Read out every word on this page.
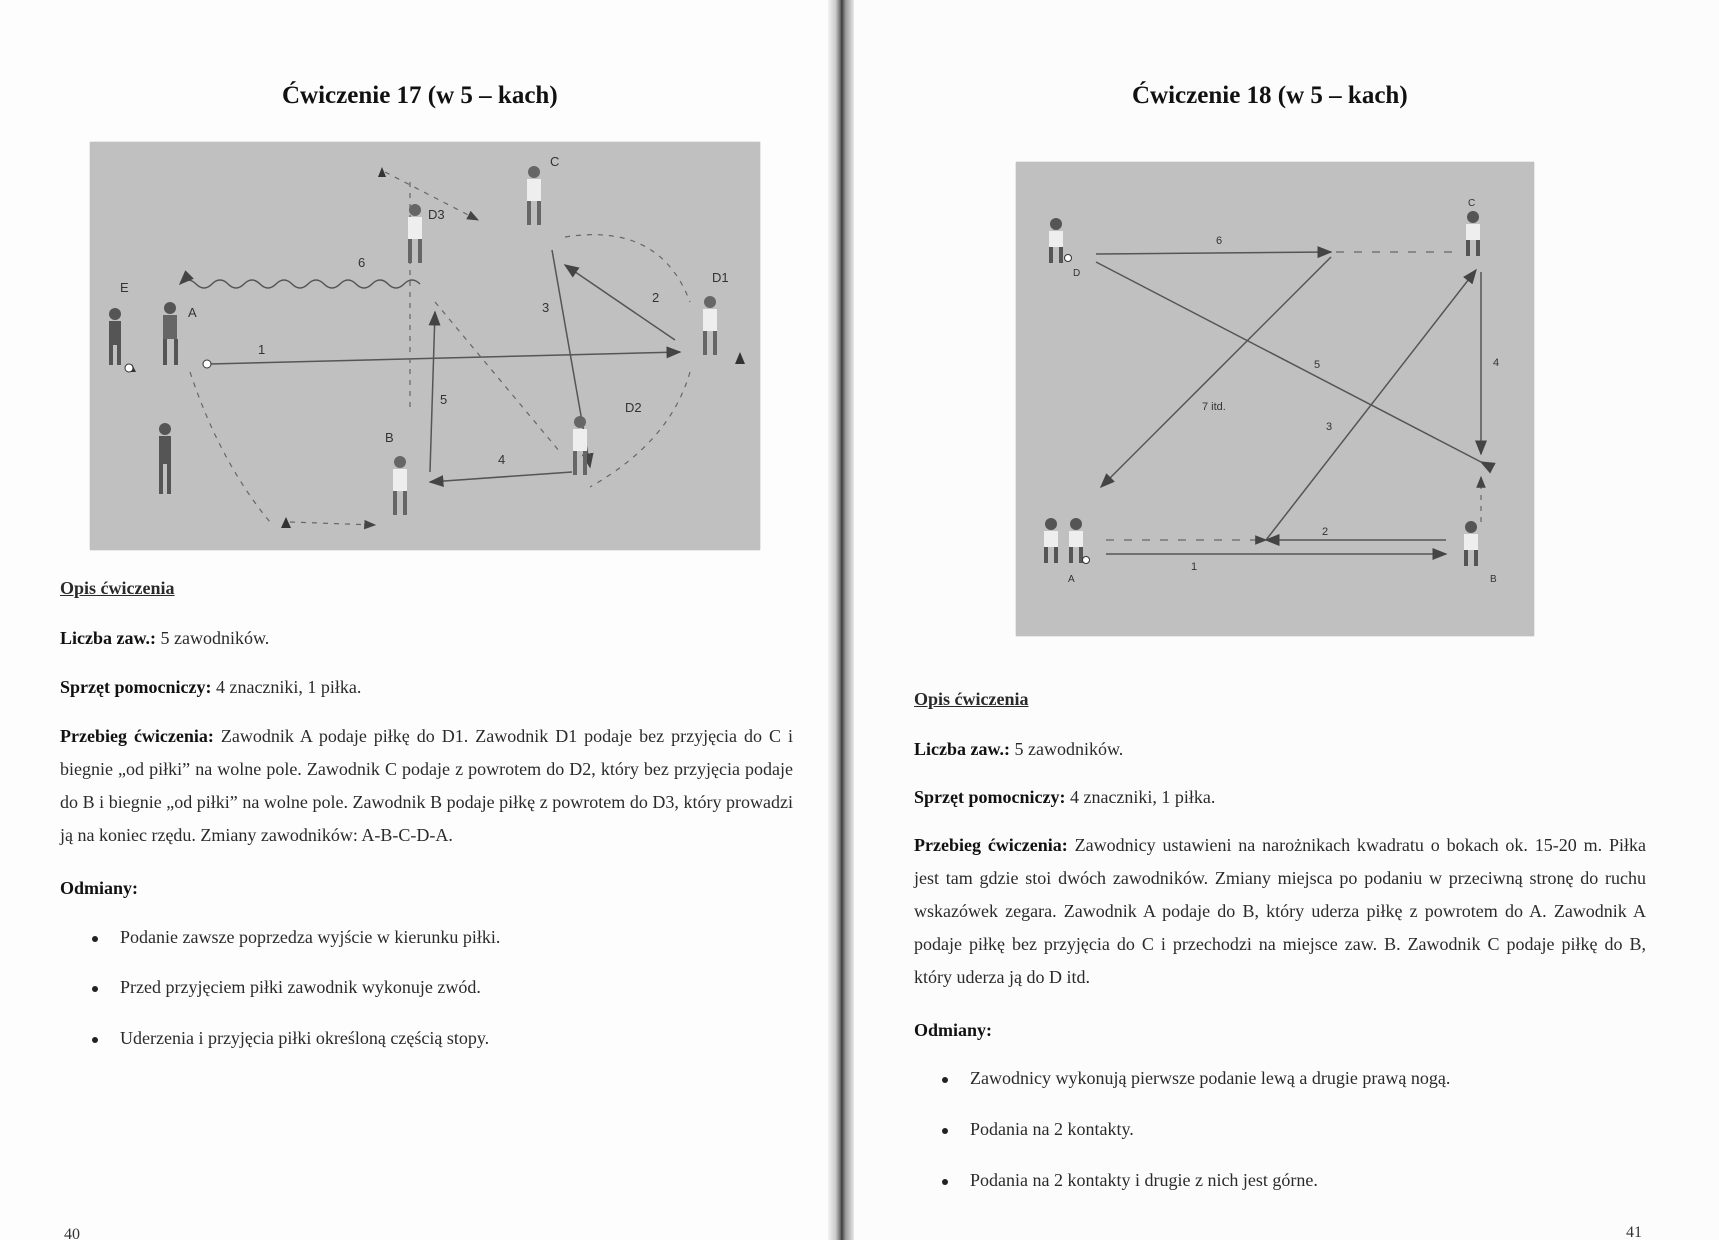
Ćwiczenie 17 (w 5 – kach)
E
A
C
D3
D1
D2
B
1
2
3
4
5
6
Opis ćwiczenia
Liczba zaw.: 5 zawodników.
Sprzęt pomocniczy: 4 znaczniki, 1 piłka.
Przebieg ćwiczenia: Zawodnik A podaje piłkę do D1. Zawodnik D1 podaje bez przyjęcia do C i biegnie „od piłki” na wolne pole. Zawodnik C podaje z powrotem do D2, który bez przyjęcia podaje do B i biegnie „od piłki” na wolne pole. Zawodnik B podaje piłkę z powrotem do D3, który prowadzi ją na koniec rzędu. Zmiany zawodników: A-B-C-D-A.
Odmiany:
Podanie zawsze poprzedza wyjście w kierunku piłki.
Przed przyjęciem piłki zawodnik wykonuje zwód.
Uderzenia i przyjęcia piłki określoną częścią stopy.
40
Ćwiczenie 18 (w 5 – kach)
D
C
A	B
1
2
3
4
5
6
7 itd.
Opis ćwiczenia
Liczba zaw.: 5 zawodników.
Sprzęt pomocniczy: 4 znaczniki, 1 piłka.
Przebieg ćwiczenia: Zawodnicy ustawieni na narożnikach kwadratu o bokach ok. 15-20 m. Piłka jest tam gdzie stoi dwóch zawodników. Zmiany miejsca po podaniu w przeciwną stronę do ruchu wskazówek zegara. Zawodnik A podaje do B, który uderza piłkę z powrotem do A. Zawodnik A podaje piłkę bez przyjęcia do C i przechodzi na miejsce zaw. B. Zawodnik C podaje piłkę do B, który uderza ją do D itd.
Odmiany:
Zawodnicy wykonują pierwsze podanie lewą a drugie prawą nogą.
Podania na 2 kontakty.
Podania na 2 kontakty i drugie z nich jest górne.
41
